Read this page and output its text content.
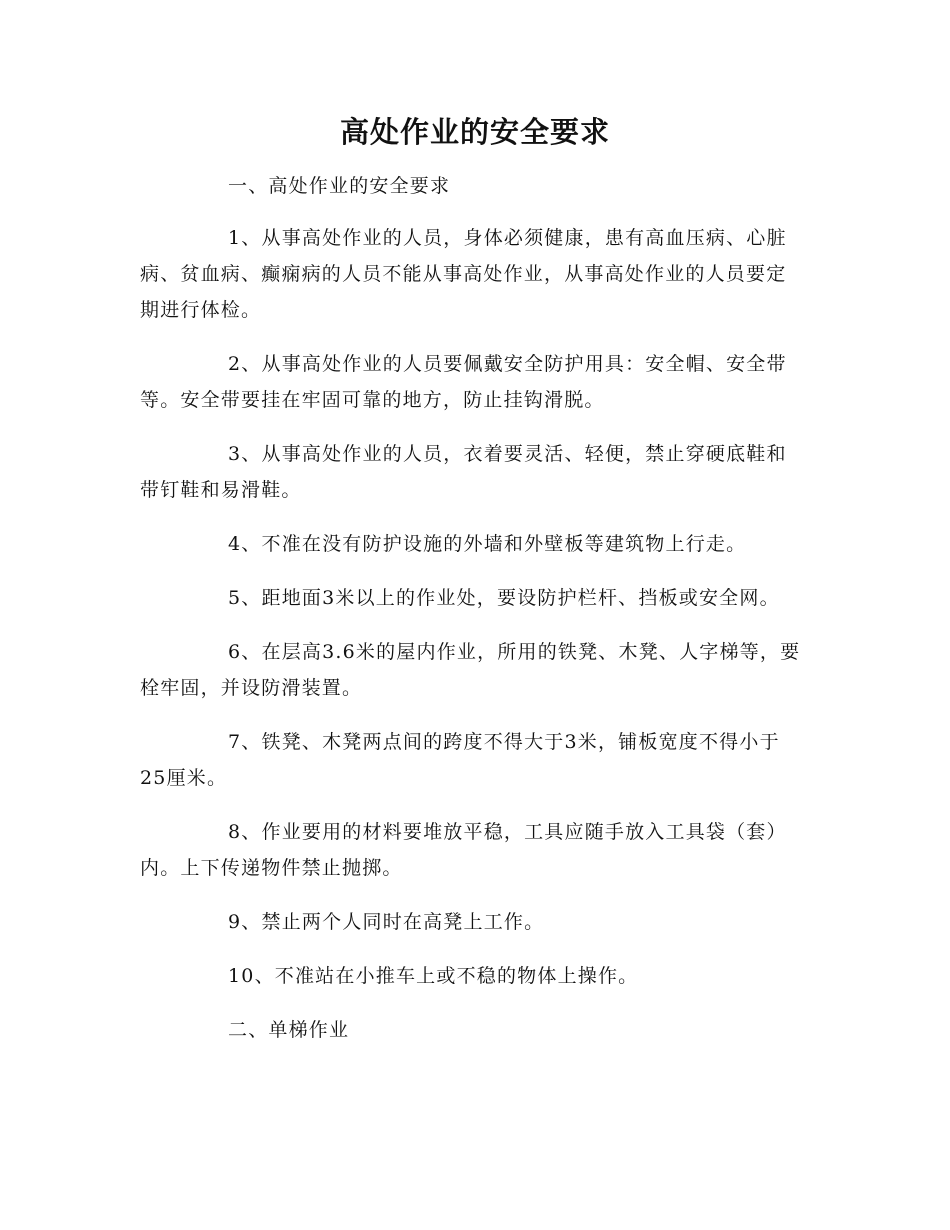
高处作业的安全要求

一、高处作业的安全要求

1、从事高处作业的人员，身体必须健康，患有高血压病、心脏病、贫血病、癫痫病的人员不能从事高处作业，从事高处作业的人员要定期进行体检。

2、从事高处作业的人员要佩戴安全防护用具：安全帽、安全带等。安全带要挂在牢固可靠的地方，防止挂钩滑脱。

3、从事高处作业的人员，衣着要灵活、轻便，禁止穿硬底鞋和带钉鞋和易滑鞋。

4、不准在没有防护设施的外墙和外壁板等建筑物上行走。

5、距地面3米以上的作业处，要设防护栏杆、挡板或安全网。

6、在层高3.6米的屋内作业，所用的铁凳、木凳、人字梯等，要栓牢固，并设防滑装置。

7、铁凳、木凳两点间的跨度不得大于3米，铺板宽度不得小于25厘米。

8、作业要用的材料要堆放平稳，工具应随手放入工具袋（套）内。上下传递物件禁止抛掷。

9、禁止两个人同时在高凳上工作。

10、不准站在小推车上或不稳的物体上操作。

二、单梯作业
